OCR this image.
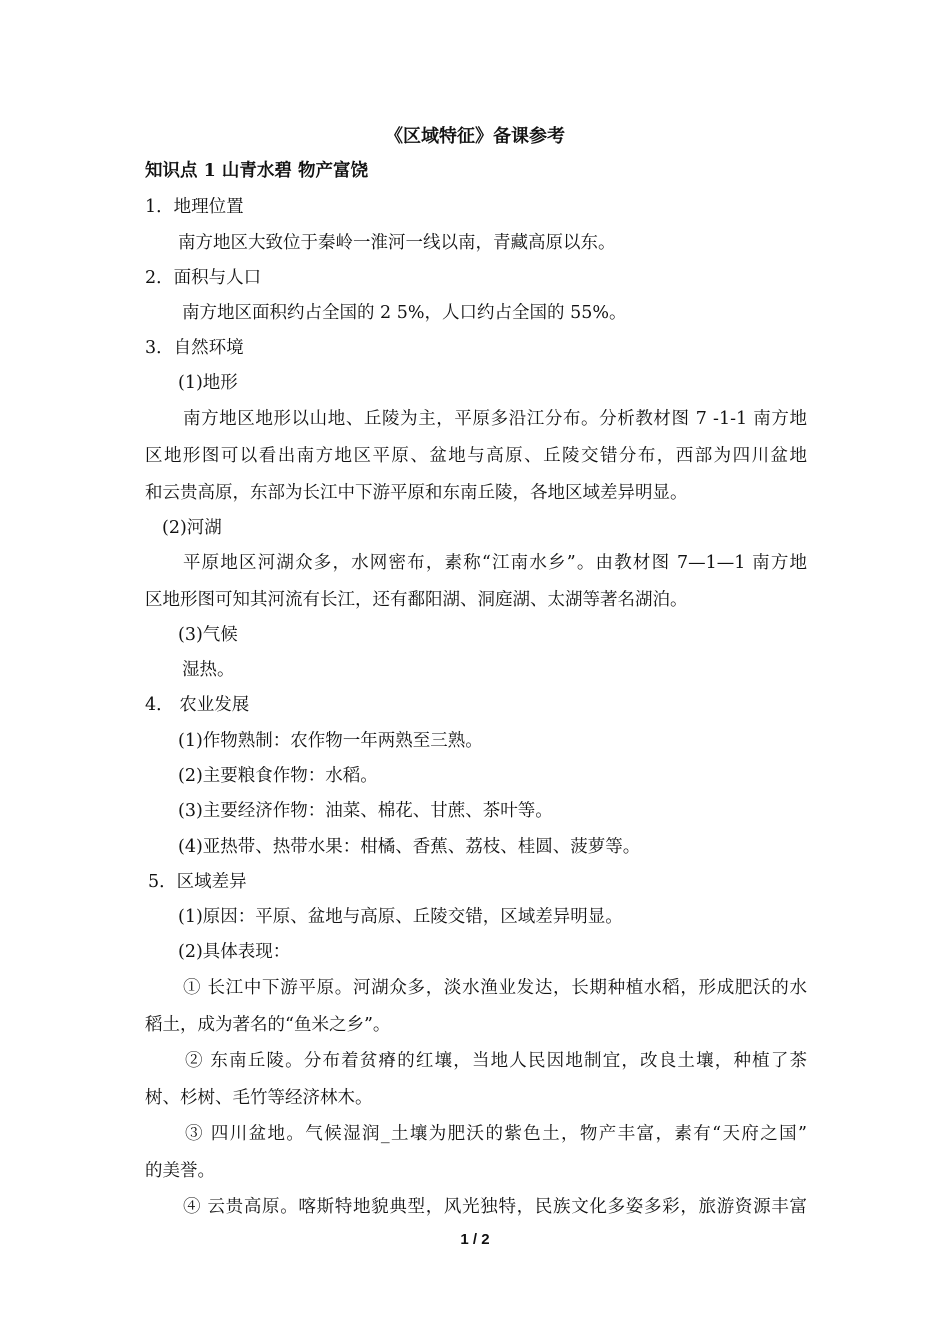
《区域特征》备课参考
知识点 1 山青水碧 物产富饶
1．地理位置
南方地区大致位于秦岭一淮河一线以南，青藏高原以东。
2．面积与人口
南方地区面积约占全国的 2 5%，人口约占全国的 55%。
3．自然环境
(1)地形
南方地区地形以山地、丘陵为主，平原多沿江分布。分析教材图 7 -1-1 南方地
区地形图可以看出南方地区平原、盆地与高原、丘陵交错分布，西部为四川盆地
和云贵高原，东部为长江中下游平原和东南丘陵，各地区域差异明显。
(2)河湖
平原地区河湖众多，水网密布，素称“江南水乡”。由教材图 7—1—1 南方地
区地形图可知其河流有长江，还有鄱阳湖、洞庭湖、太湖等著名湖泊。
(3)气候
湿热。
4． 农业发展
(1)作物熟制：农作物一年两熟至三熟。
(2)主要粮食作物：水稻。
(3)主要经济作物：油菜、棉花、甘蔗、茶叶等。
(4)亚热带、热带水果：柑橘、香蕉、荔枝、桂圆、菠萝等。
5．区域差异
(1)原因：平原、盆地与高原、丘陵交错，区域差异明显。
(2)具体表现：
① 长江中下游平原。河湖众多，淡水渔业发达，长期种植水稻，形成肥沃的水
稻土，成为著名的“鱼米之乡”。
② 东南丘陵。分布着贫瘠的红壤，当地人民因地制宜，改良土壤，种植了茶
树、杉树、毛竹等经济林木。
③ 四川盆地。气候湿润_土壤为肥沃的紫色土，物产丰富，素有“天府之国”
的美誉。
④ 云贵高原。喀斯特地貌典型，风光独特，民族文化多姿多彩，旅游资源丰富
1 / 2
